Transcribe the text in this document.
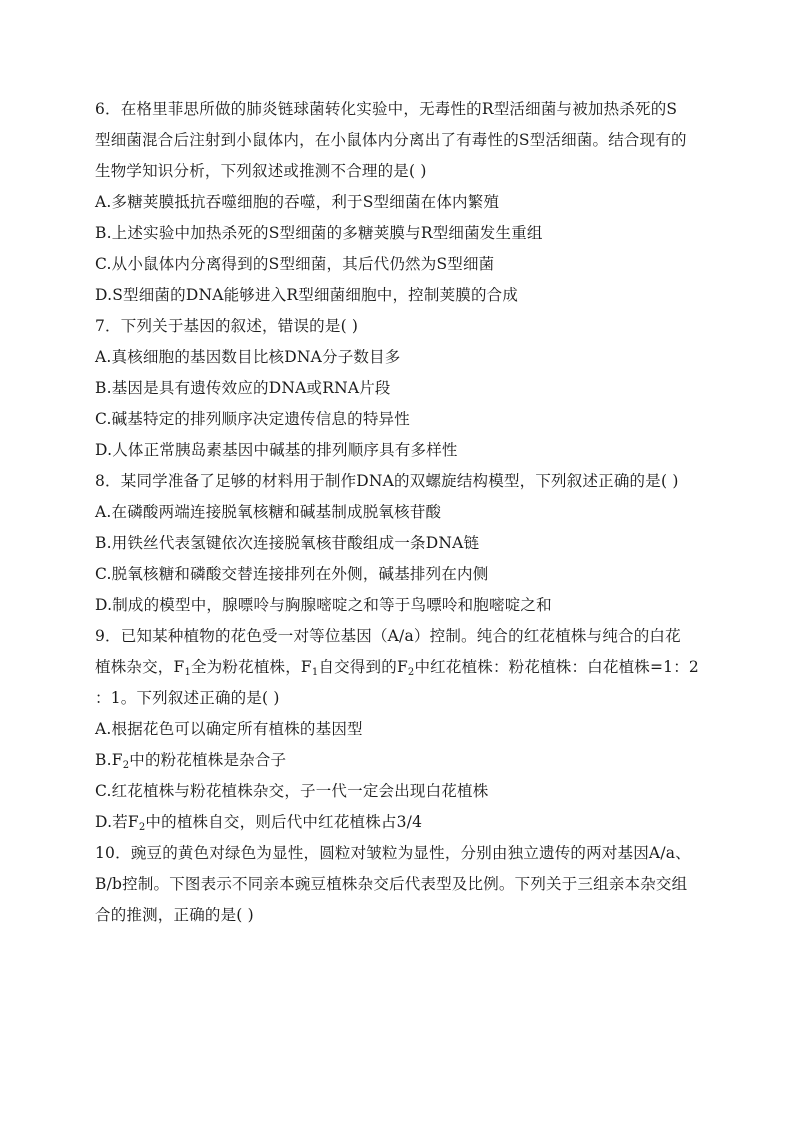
6．在格里菲思所做的肺炎链球菌转化实验中，无毒性的R型活细菌与被加热杀死的S
型细菌混合后注射到小鼠体内，在小鼠体内分离出了有毒性的S型活细菌。结合现有的
生物学知识分析，下列叙述或推测不合理的是( )
A.多糖荚膜抵抗吞噬细胞的吞噬，利于S型细菌在体内繁殖
B.上述实验中加热杀死的S型细菌的多糖荚膜与R型细菌发生重组
C.从小鼠体内分离得到的S型细菌，其后代仍然为S型细菌
D.S型细菌的DNA能够进入R型细菌细胞中，控制荚膜的合成
7．下列关于基因的叙述，错误的是( )
A.真核细胞的基因数目比核DNA分子数目多
B.基因是具有遗传效应的DNA或RNA片段
C.碱基特定的排列顺序决定遗传信息的特异性
D.人体正常胰岛素基因中碱基的排列顺序具有多样性
8．某同学准备了足够的材料用于制作DNA的双螺旋结构模型，下列叙述正确的是( )
A.在磷酸两端连接脱氧核糖和碱基制成脱氧核苷酸
B.用铁丝代表氢键依次连接脱氧核苷酸组成一条DNA链
C.脱氧核糖和磷酸交替连接排列在外侧，碱基排列在内侧
D.制成的模型中，腺嘌呤与胸腺嘧啶之和等于鸟嘌呤和胞嘧啶之和
9．已知某种植物的花色受一对等位基因（A/a）控制。纯合的红花植株与纯合的白花
植株杂交，$F_1$全为粉花植株，$F_1$自交得到的$F_2$中红花植株：粉花植株：白花植株=1：2
：1。下列叙述正确的是( )
A.根据花色可以确定所有植株的基因型
$B.F_2$中的粉花植株是杂合子
C.红花植株与粉花植株杂交，子一代一定会出现白花植株
D.若$F_2$中的植株自交，则后代中红花植株占3/4
10．豌豆的黄色对绿色为显性，圆粒对皱粒为显性，分别由独立遗传的两对基因A/a、
B/b控制。下图表示不同亲本豌豆植株杂交后代表型及比例。下列关于三组亲本杂交组
合的推测，正确的是( )
